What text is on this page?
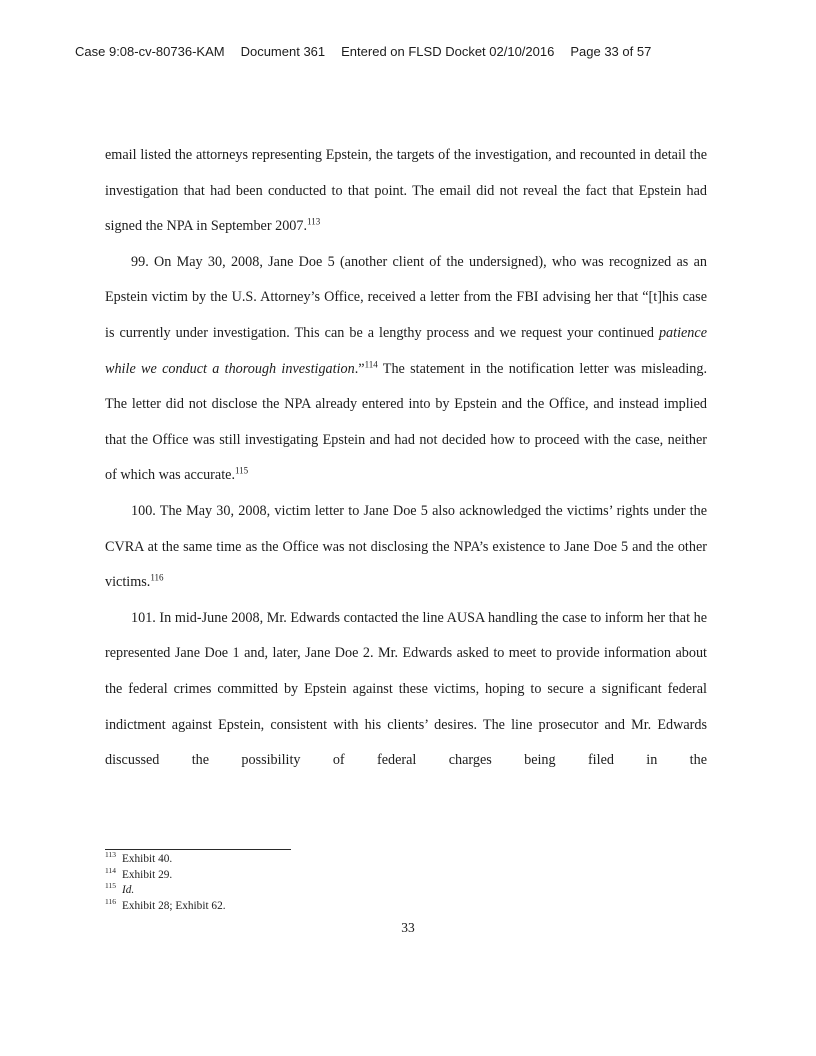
Case 9:08-cv-80736-KAM Document 361 Entered on FLSD Docket 02/10/2016 Page 33 of 57

email listed the attorneys representing Epstein, the targets of the investigation, and recounted in detail the investigation that had been conducted to that point. The email did not reveal the fact that Epstein had signed the NPA in September 2007.$^{113}$

99. On May 30, 2008, Jane Doe 5 (another client of the undersigned), who was recognized as an Epstein victim by the U.S. Attorney’s Office, received a letter from the FBI advising her that “[t]his case is currently under investigation. This can be a lengthy process and we request your continued patience while we conduct a thorough investigation.”$^{114}$ The statement in the notification letter was misleading. The letter did not disclose the NPA already entered into by Epstein and the Office, and instead implied that the Office was still investigating Epstein and had not decided how to proceed with the case, neither of which was accurate.$^{115}$

100. The May 30, 2008, victim letter to Jane Doe 5 also acknowledged the victims’ rights under the CVRA at the same time as the Office was not disclosing the NPA’s existence to Jane Doe 5 and the other victims.$^{116}$

101. In mid-June 2008, Mr. Edwards contacted the line AUSA handling the case to inform her that he represented Jane Doe 1 and, later, Jane Doe 2. Mr. Edwards asked to meet to provide information about the federal crimes committed by Epstein against these victims, hoping to secure a significant federal indictment against Epstein, consistent with his clients’ desires. The line prosecutor and Mr. Edwards discussed the possibility of federal charges being filed in the

$^{113}$ Exhibit 40.
$^{114}$ Exhibit 29.
$^{115}$ Id.
$^{116}$ Exhibit 28; Exhibit 62.
33
